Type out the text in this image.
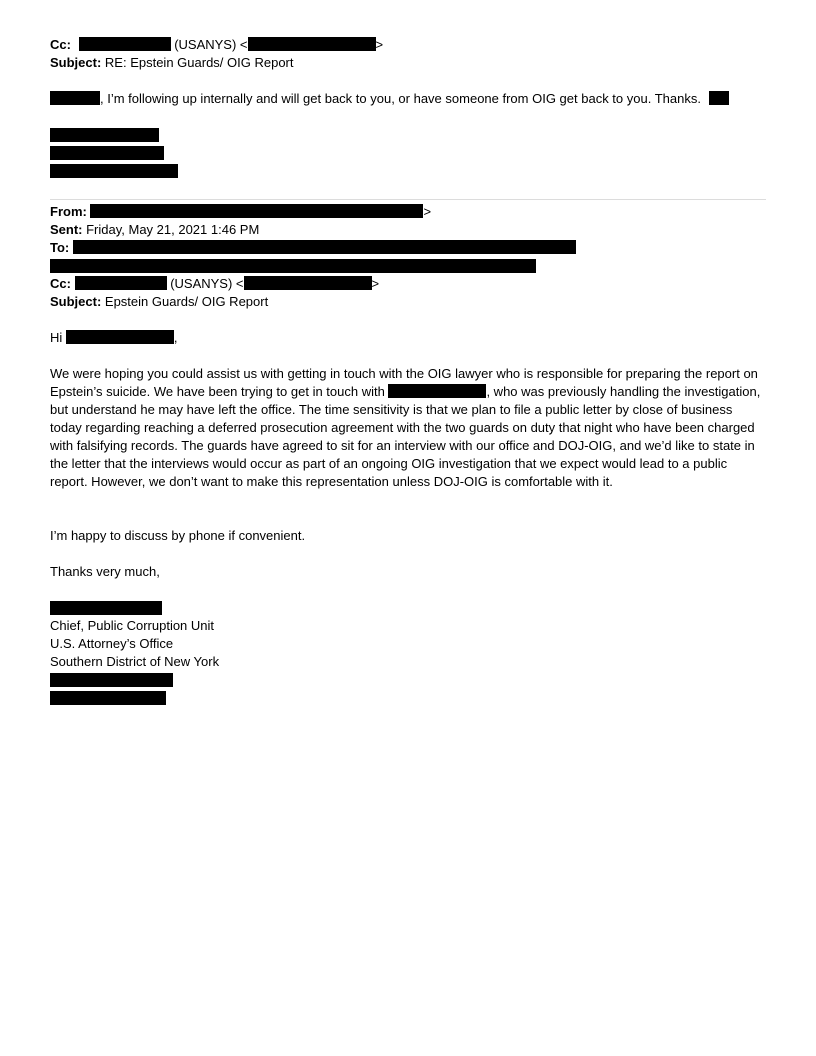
Cc:	(USANYS) <	>
Subject: RE: Epstein Guards/ OIG Report
, I’m following up internally and will get back to you, or have someone from OIG get back to you. Thanks.
From:	>
Sent: Friday, May 21, 2021 1:46 PM
To:
Cc:	(USANYS) <	>
Subject: Epstein Guards/ OIG Report
Hi	,
We were hoping you could assist us with getting in touch with the OIG lawyer who is responsible for preparing the report on Epstein’s suicide. We have been trying to get in touch with	, who was previously handling the investigation, but understand he may have left the office. The time sensitivity is that we plan to file a public letter by close of business today regarding reaching a deferred prosecution agreement with the two guards on duty that night who have been charged with falsifying records. The guards have agreed to sit for an interview with our office and DOJ-OIG, and we’d like to state in the letter that the interviews would occur as part of an ongoing OIG investigation that we expect would lead to a public report. However, we don’t want to make this representation unless DOJ-OIG is comfortable with it.
I’m happy to discuss by phone if convenient.
Thanks very much,
Chief, Public Corruption Unit
U.S. Attorney’s Office
Southern District of New York
